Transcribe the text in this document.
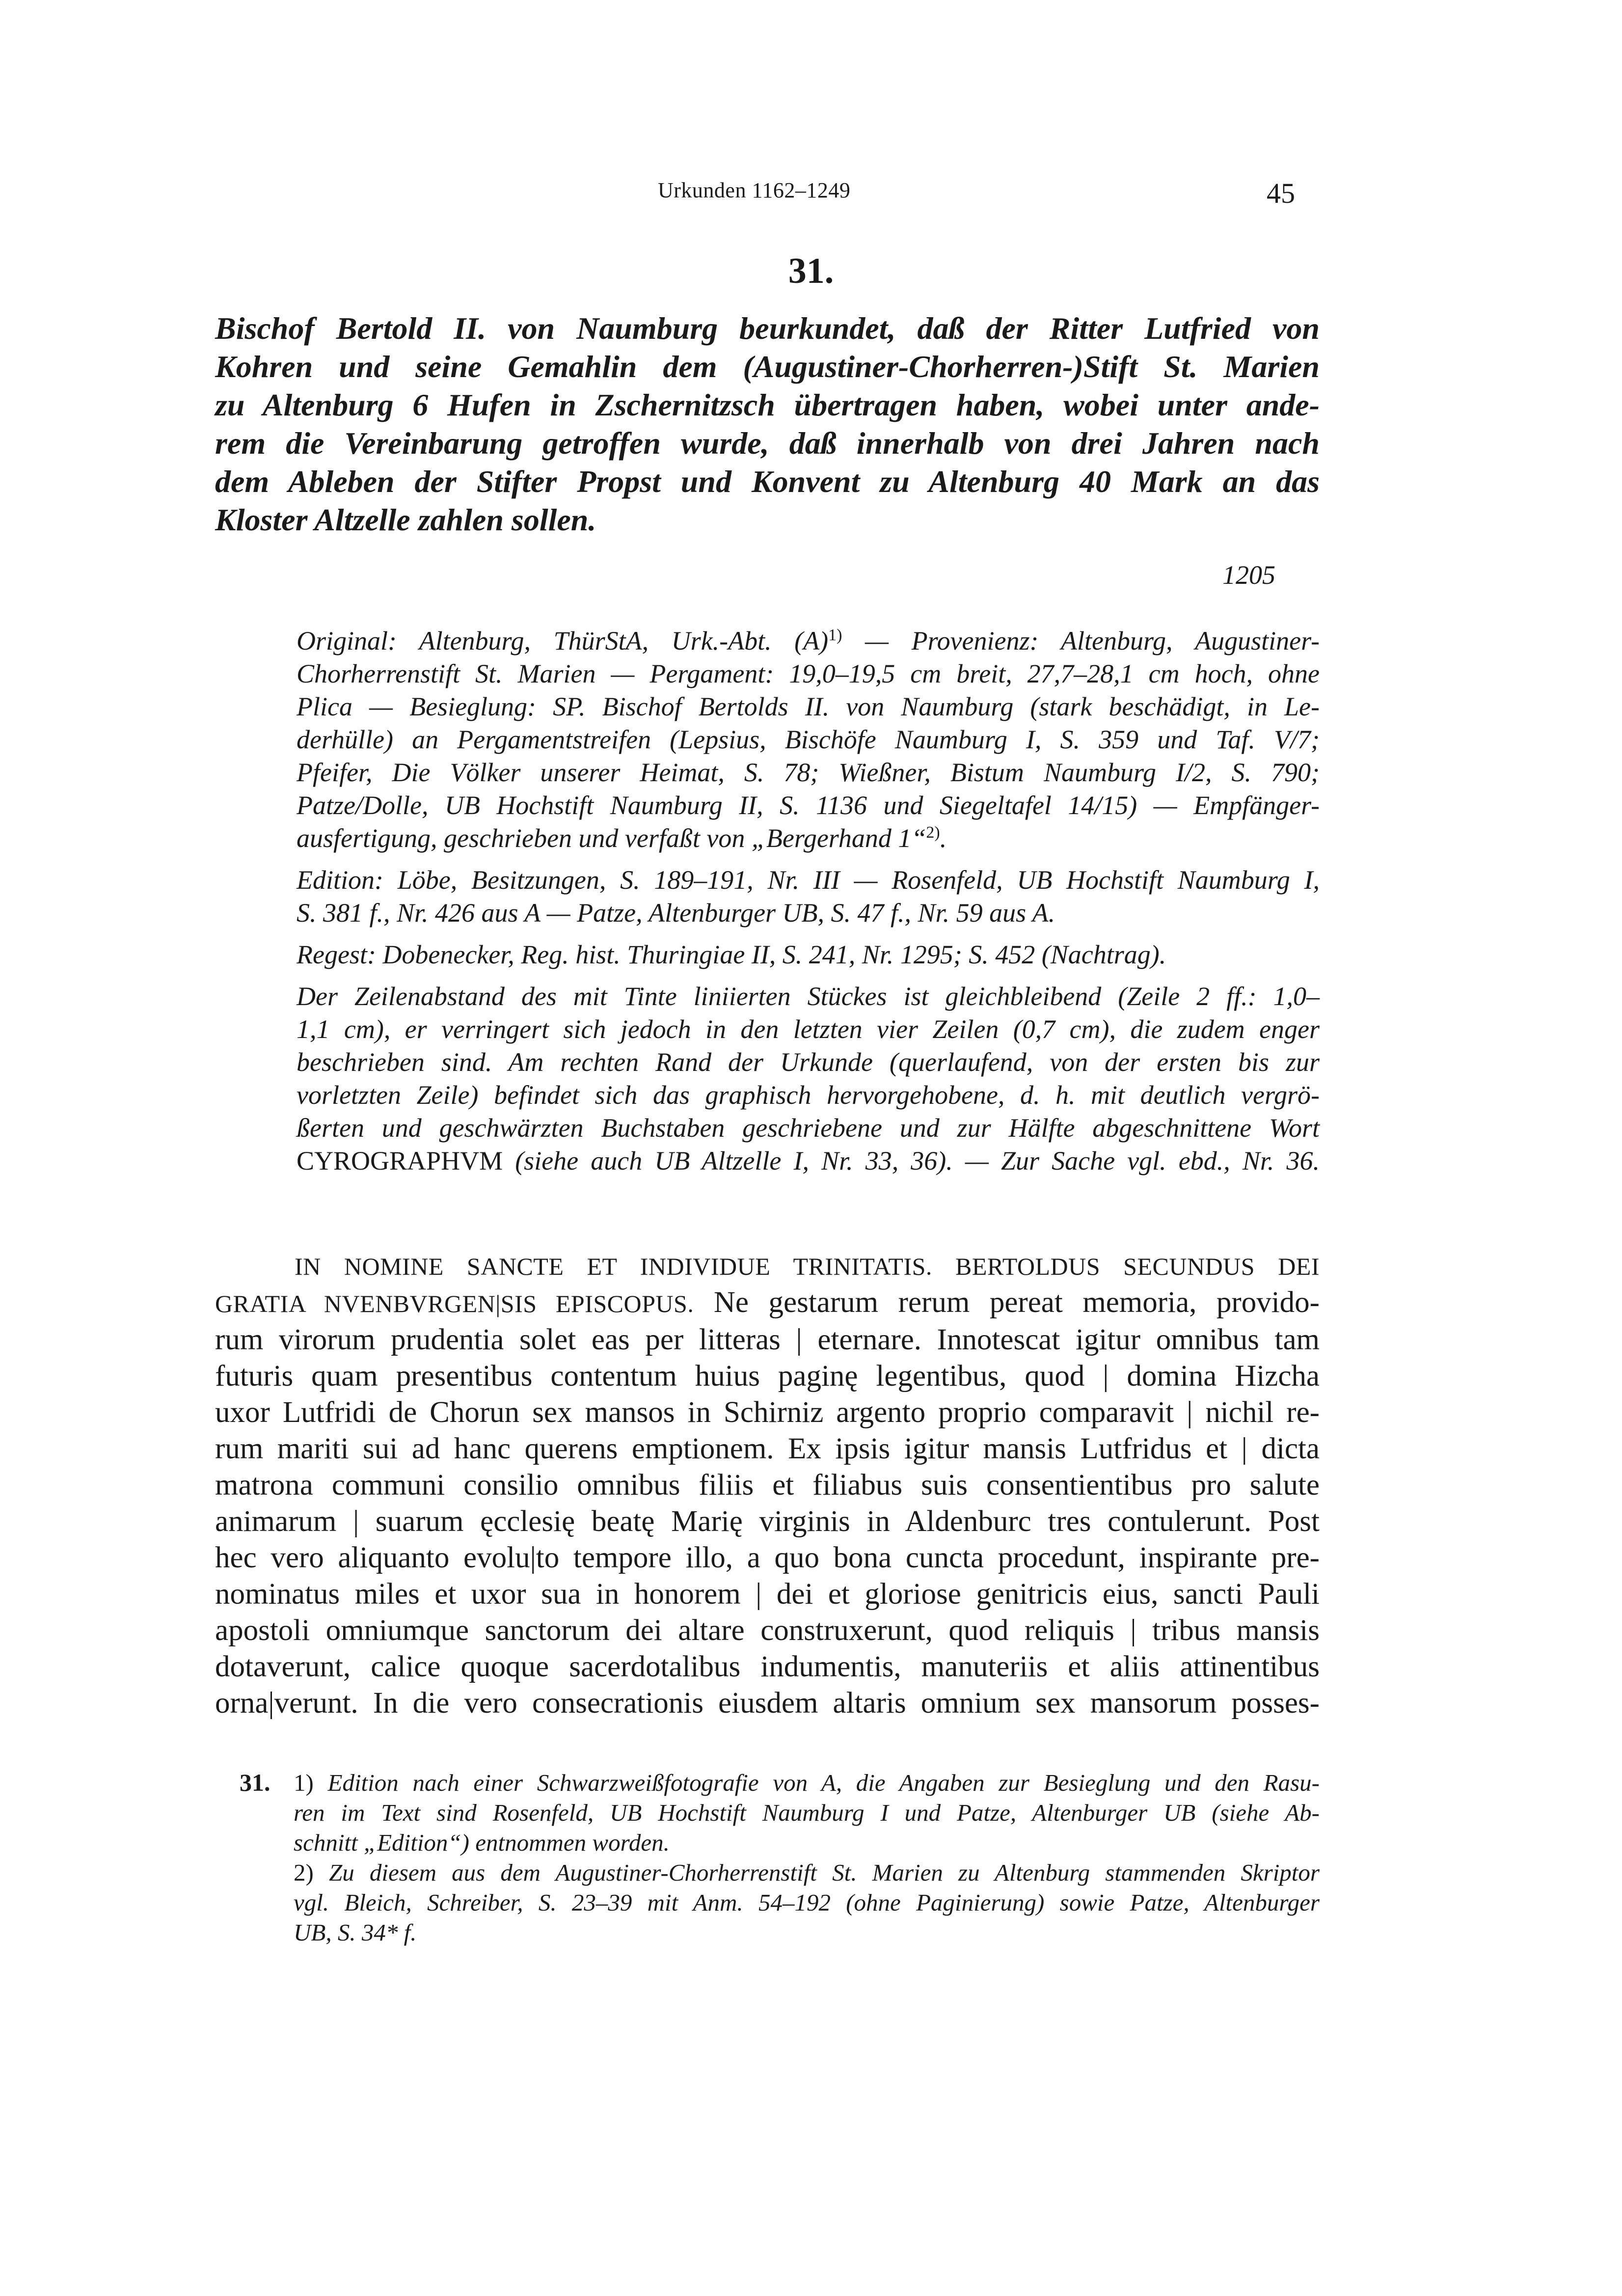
Urkunden 1162–1249	45
31.
Bischof Bertold II. von Naumburg beurkundet, daß der Ritter Lutfried von
Kohren und seine Gemahlin dem (Augustiner-Chorherren-)Stift St. Marien
zu Altenburg 6 Hufen in Zschernitzsch übertragen haben, wobei unter ande-
rem die Vereinbarung getroffen wurde, daß innerhalb von drei Jahren nach
dem Ableben der Stifter Propst und Konvent zu Altenburg 40 Mark an das
Kloster Altzelle zahlen sollen.
1205
Original: Altenburg, ThürStA, Urk.-Abt. $(A)^{1)}$ — Provenienz: Altenburg, Augustiner-
Chorherrenstift St. Marien — Pergament: 19,0–19,5 cm breit, 27,7–28,1 cm hoch, ohne
Plica — Besieglung: SP. Bischof Bertolds II. von Naumburg (stark beschädigt, in Le-
derhülle) an Pergamentstreifen (Lepsius, Bischöfe Naumburg I, S. 359 und Taf. V/7;
Pfeifer, Die Völker unserer Heimat, S. 78; Wießner, Bistum Naumburg I/2, S. 790;
Patze/Dolle, UB Hochstift Naumburg II, S. 1136 und Siegeltafel 14/15) — Empfänger-
ausfertigung, geschrieben und verfaßt von „Bergerhand 1“$^{2)}$.
Edition: Löbe, Besitzungen, S. 189–191, Nr. III — Rosenfeld, UB Hochstift Naumburg I,
S. 381 f., Nr. 426 aus A — Patze, Altenburger UB, S. 47 f., Nr. 59 aus A.
Regest: Dobenecker, Reg. hist. Thuringiae II, S. 241, Nr. 1295; S. 452 (Nachtrag).
Der Zeilenabstand des mit Tinte liniierten Stückes ist gleichbleibend (Zeile 2 ff.: 1,0–
1,1 cm), er verringert sich jedoch in den letzten vier Zeilen (0,7 cm), die zudem enger
beschrieben sind. Am rechten Rand der Urkunde (querlaufend, von der ersten bis zur
vorletzten Zeile) befindet sich das graphisch hervorgehobene, d. h. mit deutlich vergrö-
ßerten und geschwärzten Buchstaben geschriebene und zur Hälfte abgeschnittene Wort
CYROGRAPHVM (siehe auch UB Altzelle I, Nr. 33, 36). — Zur Sache vgl. ebd., Nr. 36.
IN NOMINE SANCTE ET INDIVIDUE TRINITATIS. BERTOLDUS SECUNDUS DEI
GRATIA NVENBVRGEN|SIS EPISCOPUS. Ne gestarum rerum pereat memoria, provido-
rum virorum prudentia solet eas per litteras | eternare. Innotescat igitur omnibus tam
futuris quam presentibus contentum huius paginę legentibus, quod | domina Hizcha
uxor Lutfridi de Chorun sex mansos in Schirniz argento proprio comparavit | nichil re-
rum mariti sui ad hanc querens emptionem. Ex ipsis igitur mansis Lutfridus et | dicta
matrona communi consilio omnibus filiis et filiabus suis consentientibus pro salute
animarum | suarum ęcclesię beatę Marię virginis in Aldenburc tres contulerunt. Post
hec vero aliquanto evolu|to tempore illo, a quo bona cuncta procedunt, inspirante pre-
nominatus miles et uxor sua in honorem | dei et gloriose genitricis eius, sancti Pauli
apostoli omniumque sanctorum dei altare construxerunt, quod reliquis | tribus mansis
dotaverunt, calice quoque sacerdotalibus indumentis, manuteriis et aliis attinentibus
orna|verunt. In die vero consecrationis eiusdem altaris omnium sex mansorum posses-
31. 1) Edition nach einer Schwarzweißfotografie von A, die Angaben zur Besieglung und den Rasu-
ren im Text sind Rosenfeld, UB Hochstift Naumburg I und Patze, Altenburger UB (siehe Ab-
schnitt „Edition“) entnommen worden.
2) Zu diesem aus dem Augustiner-Chorherrenstift St. Marien zu Altenburg stammenden Skriptor
vgl. Bleich, Schreiber, S. 23–39 mit Anm. 54–192 (ohne Paginierung) sowie Patze, Altenburger
UB, S. 34* f.
